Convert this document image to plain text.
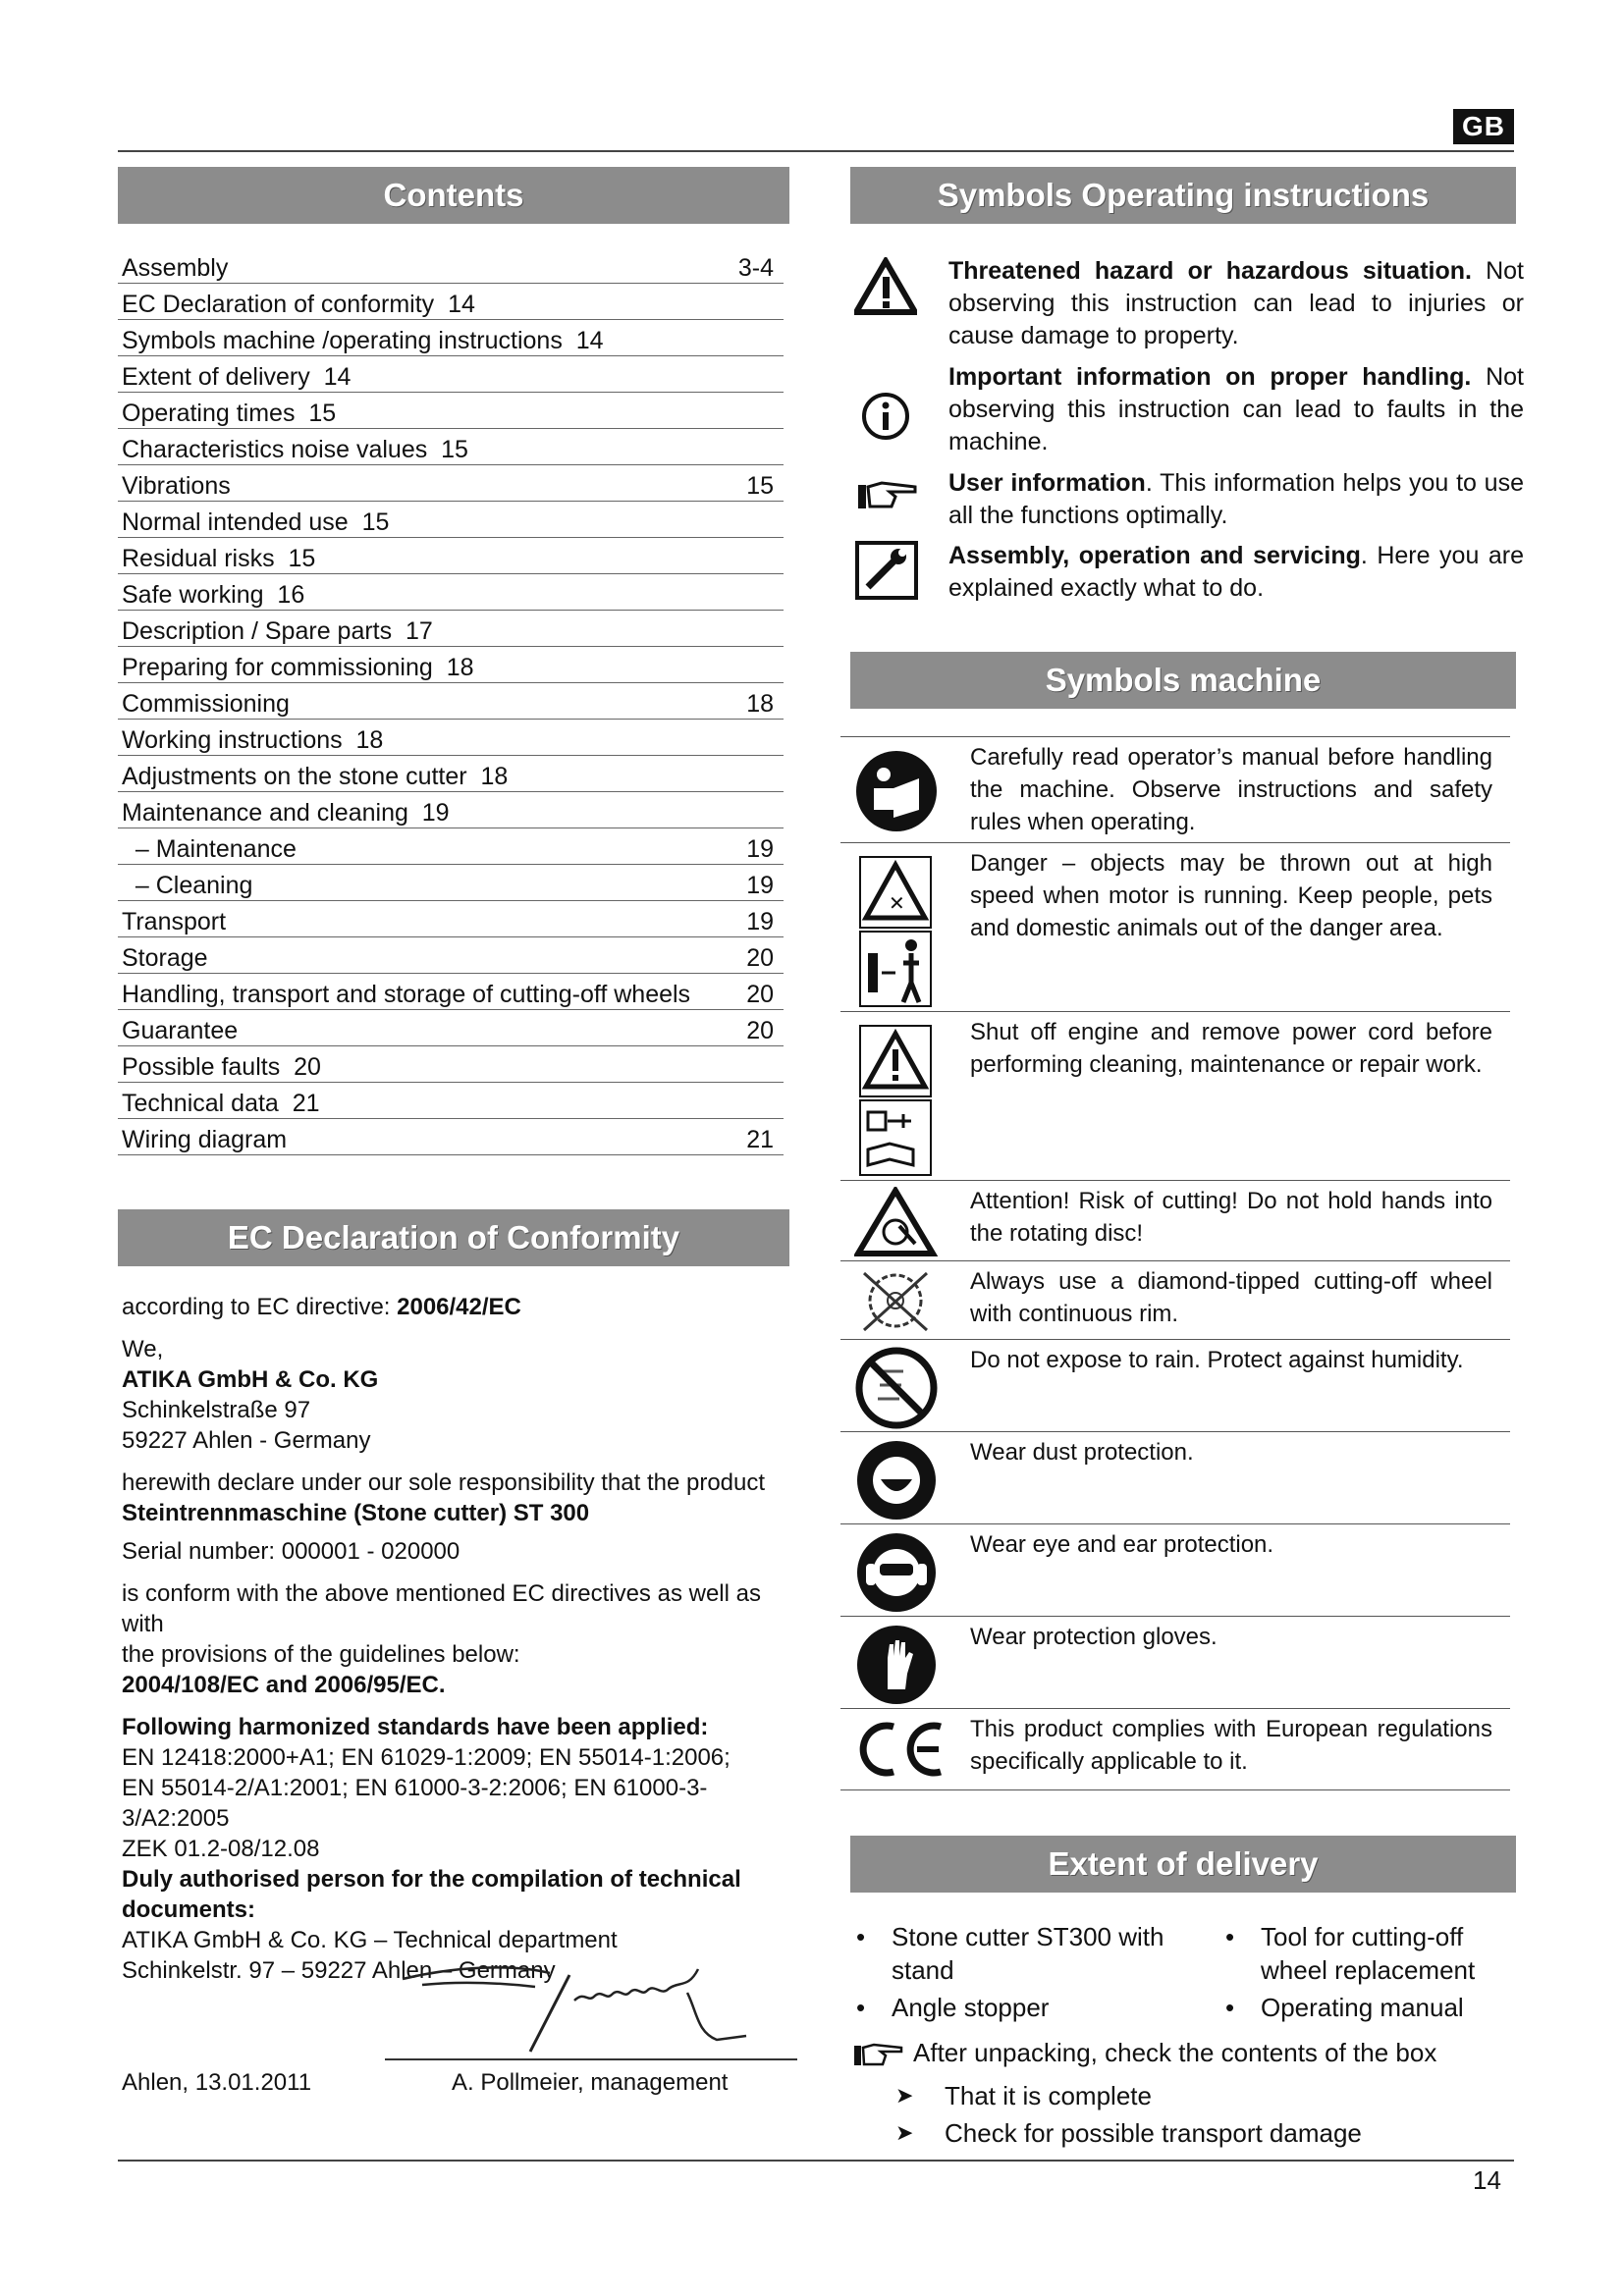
GB
Contents
Assembly	3-4
EC Declaration of conformity  14
Symbols machine /operating instructions  14
Extent of delivery  14
Operating times  15
Characteristics noise values  15
Vibrations	15
Normal intended use  15
Residual risks  15
Safe working  16
Description / Spare parts  17
Preparing for commissioning  18
Commissioning	18
Working instructions  18
Adjustments on the stone cutter  18
Maintenance and cleaning  19
– Maintenance	19
– Cleaning	19
Transport	19
Storage	20
Handling, transport and storage of cutting-off wheels 20
Guarantee	20
Possible faults  20
Technical data  21
Wiring diagram	21
EC Declaration of Conformity
according to EC directive: 2006/42/EC
We,
ATIKA GmbH & Co. KG
Schinkelstraße 97
59227 Ahlen - Germany
herewith declare under our sole responsibility that the product
Steintrennmaschine (Stone cutter) ST 300
Serial number: 000001 - 020000
is conform with the above mentioned EC directives as well as with
the provisions of the guidelines below:
2004/108/EC and 2006/95/EC.
Following harmonized standards have been applied:
EN 12418:2000+A1; EN 61029-1:2009; EN 55014-1:2006;
EN 55014-2/A1:2001; EN 61000-3-2:2006; EN 61000-3-3/A2:2005
ZEK 01.2-08/12.08
Duly authorised person for the compilation of technical
documents:
ATIKA GmbH & Co. KG – Technical department
Schinkelstr. 97 – 59227 Ahlen – Germany
Ahlen, 13.01.2011	A. Pollmeier, management
Symbols Operating instructions
Threatened hazard or hazardous situation. Not observing this instruction can lead to injuries or cause damage to property.
Important information on proper handling. Not observing this instruction can lead to faults in the machine.
User information. This information helps you to use all the functions optimally.
Assembly, operation and servicing. Here you are explained exactly what to do.
Symbols machine
Carefully read operator’s manual before handling the machine. Observe instructions and safety rules when operating.
✕
Danger – objects may be thrown out at high speed when motor is running. Keep people, pets and domestic animals out of the danger area.
Shut off engine and remove power cord before performing cleaning, maintenance or repair work.
Attention! Risk of cutting! Do not hold hands into the rotating disc!
Always use a diamond-tipped cutting-off wheel with continuous rim.
Do not expose to rain. Protect against humidity.
Wear dust protection.
Wear eye and ear protection.
Wear protection gloves.
This product complies with European regulations specifically applicable to it.
Extent of delivery
• Stone cutter ST300 with stand
• Tool for cutting-off
wheel replacement
• Angle stopper	• Operating manual
After unpacking, check the contents of the box
➤ That it is complete
➤ Check for possible transport damage
14
